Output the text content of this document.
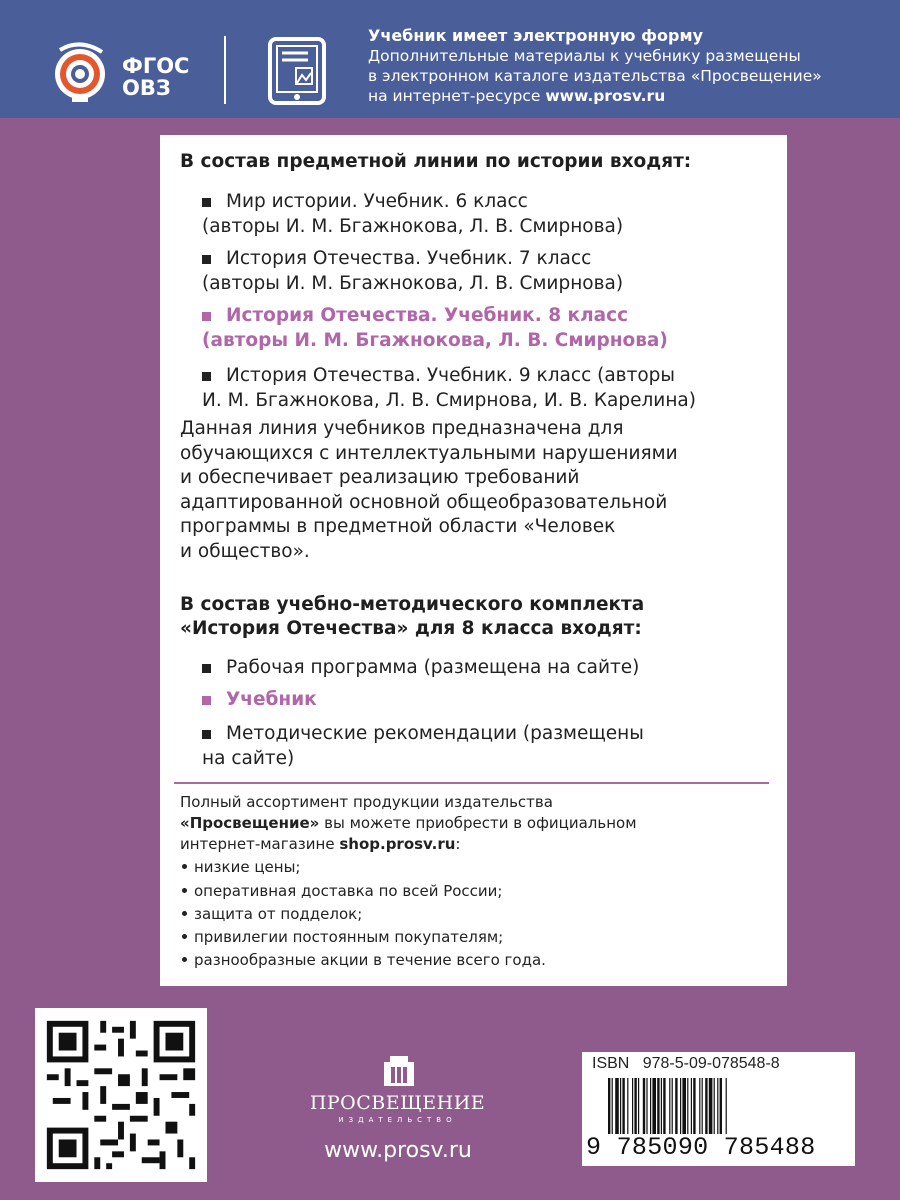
ФГОС
ОВЗ
Учебник имеет электронную форму
Дополнительные материалы к учебнику размещены
в электронном каталоге издательства «Просвещение»
на интернет-ресурсе www.prosv.ru
В состав предметной линии по истории входят:
Мир истории. Учебник. 6 класс
(авторы И. М. Бгажнокова, Л. В. Смирнова)
История Отечества. Учебник. 7 класс
(авторы И. М. Бгажнокова, Л. В. Смирнова)
История Отечества. Учебник. 8 класс
(авторы И. М. Бгажнокова, Л. В. Смирнова)
История Отечества. Учебник. 9 класс (авторы
И. М. Бгажнокова, Л. В. Смирнова, И. В. Карелина)
Данная линия учебников предназначена для
обучающихся с интеллектуальными нарушениями
и обеспечивает реализацию требований
адаптированной основной общеобразовательной
программы в предметной области «Человек
и общество».
В состав учебно-методического комплекта
«История Отечества» для 8 класса входят:
Рабочая программа (размещена на сайте)
Учебник
Методические рекомендации (размещены
на сайте)
Полный ассортимент продукции издательства
«Просвещение» вы можете приобрести в официальном
интернет-магазине shop.prosv.ru:
низкие цены;
оперативная доставка по всей России;
защита от подделок;
привилегии постоянным покупателям;
разнообразные акции в течение всего года.
ПРОСВЕЩЕНИЕ
ИЗДАТЕЛЬСТВО
www.prosv.ru
ISBN 978-5-09-078548-8
9 785090 785488
